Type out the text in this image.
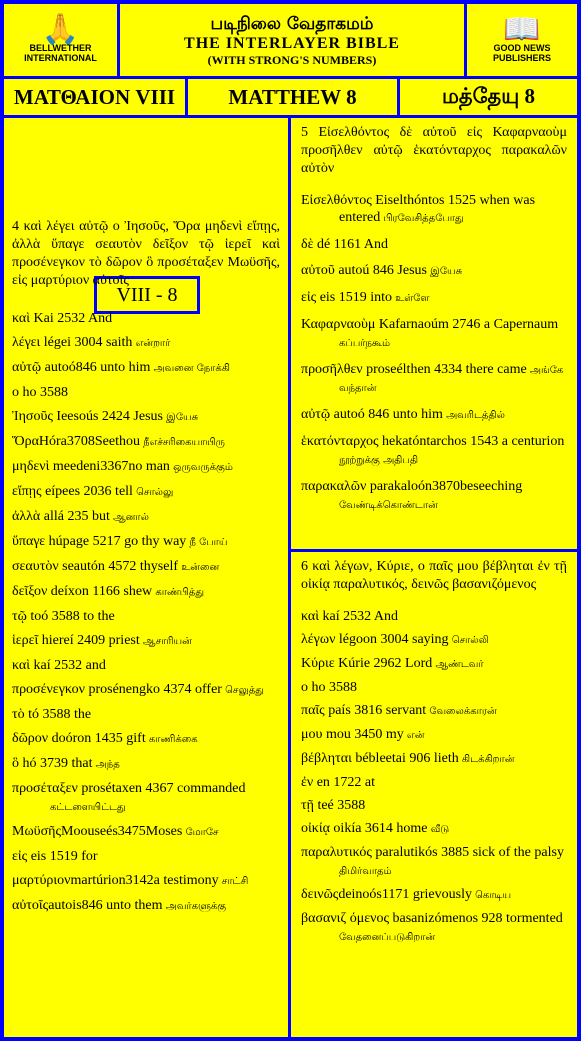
🙏
BELLWETHER INTERNATIONAL
படிநிலை வேதாகமம்
THE INTERLAYER BIBLE
(WITH STRONG'S NUMBERS)
📖
GOOD NEWS PUBLISHERS
ΜΑΤΘΑΙΟΝ VIII	MATTHEW 8	மத்தேயு 8
VIII - 8
4 καὶ λέγει αὐτῷ ο Ἰησοῦς, Ὅρα μηδενὶ εἴπῃς, ἀλλὰ ὕπαγε σεαυτὸν δεῖξον τῷ ἱερεῖ καὶ προσένεγκον τὸ δῶρον ὃ προσέταξεν Μωϋσῆς, εἰς μαρτύριον αὐτοῖς
καὶ Kai 2532 And
λέγει légei 3004 saith என்றார்
αὐτῷ autoó846 unto him அவனை நோக்கி
ο ho 3588
Ἰησοῦς Ieesoús 2424 Jesus இயேசு
ὍραHóra3708Seethou நீஎச்சரிகையாயிரு
μηδενὶ meedeni3367no man ஒருவருக்கும்
εἴπῃς eípees 2036 tell சொல்லு
ἀλλὰ allá 235 but ஆனால்
ὕπαγε húpage 5217 go thy way நீ போய்
σεαυτὸν seautón 4572 thyself உன்னை
δεῖξον deíxon 1166 shew காண்பித்து
τῷ toó 3588 to the
ἱερεῖ hiereí 2409 priest ஆசாரியன்
καὶ kaí 2532 and
προσένεγκον prosénengko 4374 offer செலுத்து
τὸ tó 3588 the
δῶρον doóron 1435 gift காணிக்கை
ὃ hó 3739 that அந்த
προσέταξεν prosétaxen 4367 commanded கட்டளையிட்டது
ΜωϋσῆςMoouseés3475Moses மோசே
εἰς eis 1519 for
μαρτύριονmartúrion3142a testimony சாட்சி
αὐτοῖςautois846 unto them அவர்களுக்கு
5 Εἰσελθόντος δὲ αὐτοῦ εἰς Καφαρναοὺμ προσῆλθεν αὐτῷ ἑκατόνταρχος παρακαλῶν αὐτὸν
Εἰσελθόντος Eiselthóntos 1525 when was entered பிரவேசித்தபோது
δὲ dé 1161 And
αὐτοῦ autoú 846 Jesus இயேசு
εἰς eis 1519 into உள்ளே
Καφαρναοὺμ Kafarnaoúm 2746 a Capernaum கப்பர்நகூம்
προσῆλθεν proseélthen 4334 there came அங்கே வந்தான்
αὐτῷ autoó 846 unto him அவரிடத்தில்
ἑκατόνταρχος hekatóntarchos 1543 a centurion நூற்றுக்கு அதிபதி
παρακαλῶν parakaloón3870beseeching வேண்டிக்கொண்டான்
6 καὶ λέγων, Κύριε, ο παῖς μου βέβληται ἐν τῇ οἰκίᾳ παραλυτικός, δεινῶς βασανιζόμενος
καὶ kaí 2532 And
λέγων légoon 3004 saying சொல்லி
Κύριε Kúrie 2962 Lord ஆண்டவர்
ο ho 3588
παῖς país 3816 servant வேலைக்காரன்
μου mou 3450 my என்
βέβληται bébleetai 906 lieth கிடக்கிறான்
ἐν en 1722 at
τῇ teé 3588
οἰκίᾳ oikía 3614 home வீடு
παραλυτικός paralutikós 3885 sick of the palsy திமிர்வாதம்
δεινῶςdeinoós1171 grievously கொடிய
βασανιζ όμενος basanizómenos 928 tormented வேதனைப்படுகிறான்
